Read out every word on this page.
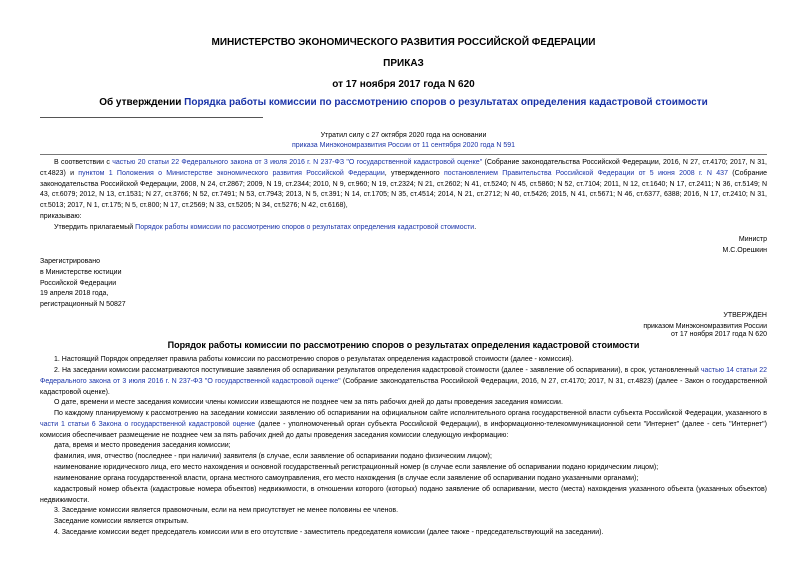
МИНИСТЕРСТВО ЭКОНОМИЧЕСКОГО РАЗВИТИЯ РОССИЙСКОЙ ФЕДЕРАЦИИ
ПРИКАЗ
от 17 ноября 2017 года N 620
Об утверждении Порядка работы комиссии по рассмотрению споров о результатах определения кадастровой стоимости
Утратил силу с 27 октября 2020 года на основании
приказа Минэкономразвития России от 11 сентября 2020 года N 591
В соответствии с частью 20 статьи 22 Федерального закона от 3 июля 2016 г. N 237-ФЗ "О государственной кадастровой оценке" (Собрание законодательства Российской Федерации, 2016, N 27, ст.4170; 2017, N 31, ст.4823) и пунктом 1 Положения о Министерстве экономического развития Российской Федерации, утвержденного постановлением Правительства Российской Федерации от 5 июня 2008 г. N 437 (Собрание законодательства Российской Федерации, 2008, N 24, ст.2867; 2009, N 19, ст.2344; 2010, N 9, ст.960; N 19, ст.2324; N 21, ст.2602; N 41, ст.5240; N 45, ст.5860; N 52, ст.7104; 2011, N 12, ст.1640; N 17, ст.2411; N 36, ст.5149; N 43, ст.6079; 2012, N 13, ст.1531; N 27, ст.3766; N 52, ст.7491; N 53, ст.7943; 2013, N 5, ст.391; N 14, ст.1705; N 35, ст.4514; 2014, N 21, ст.2712; N 40, ст.5426; 2015, N 41, ст.5671; N 46, ст.6377, 6388; 2016, N 17, ст.2410; N 31, ст.5013; 2017, N 1, ст.175; N 5, ст.800; N 17, ст.2569; N 33, ст.5205; N 34, ст.5276; N 42, ст.6168),
приказываю:
Утвердить прилагаемый Порядок работы комиссии по рассмотрению споров о результатах определения кадастровой стоимости.
Министр
М.С.Орешкин
Зарегистрировано
в Министерстве юстиции
Российской Федерации
19 апреля 2018 года,
регистрационный N 50827
УТВЕРЖДЕН
приказом Минэкономразвития России
Порядок работы комиссии по рассмотрению споров о результатах определения кадастровой стоимости
от 17 ноября 2017 года N 620
1. Настоящий Порядок определяет правила работы комиссии по рассмотрению споров о результатах определения кадастровой стоимости (далее - комиссия).
2. На заседании комиссии рассматриваются поступившие заявления об оспаривании результатов определения кадастровой стоимости (далее - заявление об оспаривании), в срок, установленный частью 14 статьи 22 Федерального закона от 3 июля 2016 г. N 237-ФЗ "О государственной кадастровой оценке" (Собрание законодательства Российской Федерации, 2016, N 27, ст.4170; 2017, N 31, ст.4823) (далее - Закон о государственной кадастровой оценке).
О дате, времени и месте заседания комиссии члены комиссии извещаются не позднее чем за пять рабочих дней до даты проведения заседания комиссии.
По каждому планируемому к рассмотрению на заседании комиссии заявлению об оспаривании на официальном сайте исполнительного органа государственной власти субъекта Российской Федерации, указанного в части 1 статьи 6 Закона о государственной кадастровой оценке (далее - уполномоченный орган субъекта Российской Федерации), в информационно-телекоммуникационной сети "Интернет" (далее - сеть "Интернет") комиссия обеспечивает размещение не позднее чем за пять рабочих дней до даты проведения заседания комиссии следующую информацию:
дата, время и место проведения заседания комиссии;
фамилия, имя, отчество (последнее - при наличии) заявителя (в случае, если заявление об оспаривании подано физическим лицом);
наименование юридического лица, его место нахождения и основной государственный регистрационный номер (в случае если заявление об оспаривании подано юридическим лицом);
наименование органа государственной власти, органа местного самоуправления, его место нахождения (в случае если заявление об оспаривании подано указанными органами);
кадастровый номер объекта (кадастровые номера объектов) недвижимости, в отношении которого (которых) подано заявление об оспаривании, место (места) нахождения указанного объекта (указанных объектов) недвижимости.
3. Заседание комиссии является правомочным, если на нем присутствует не менее половины ее членов.
Заседание комиссии является открытым.
4. Заседание комиссии ведет председатель комиссии или в его отсутствие - заместитель председателя комиссии (далее также - председательствующий на заседании).
